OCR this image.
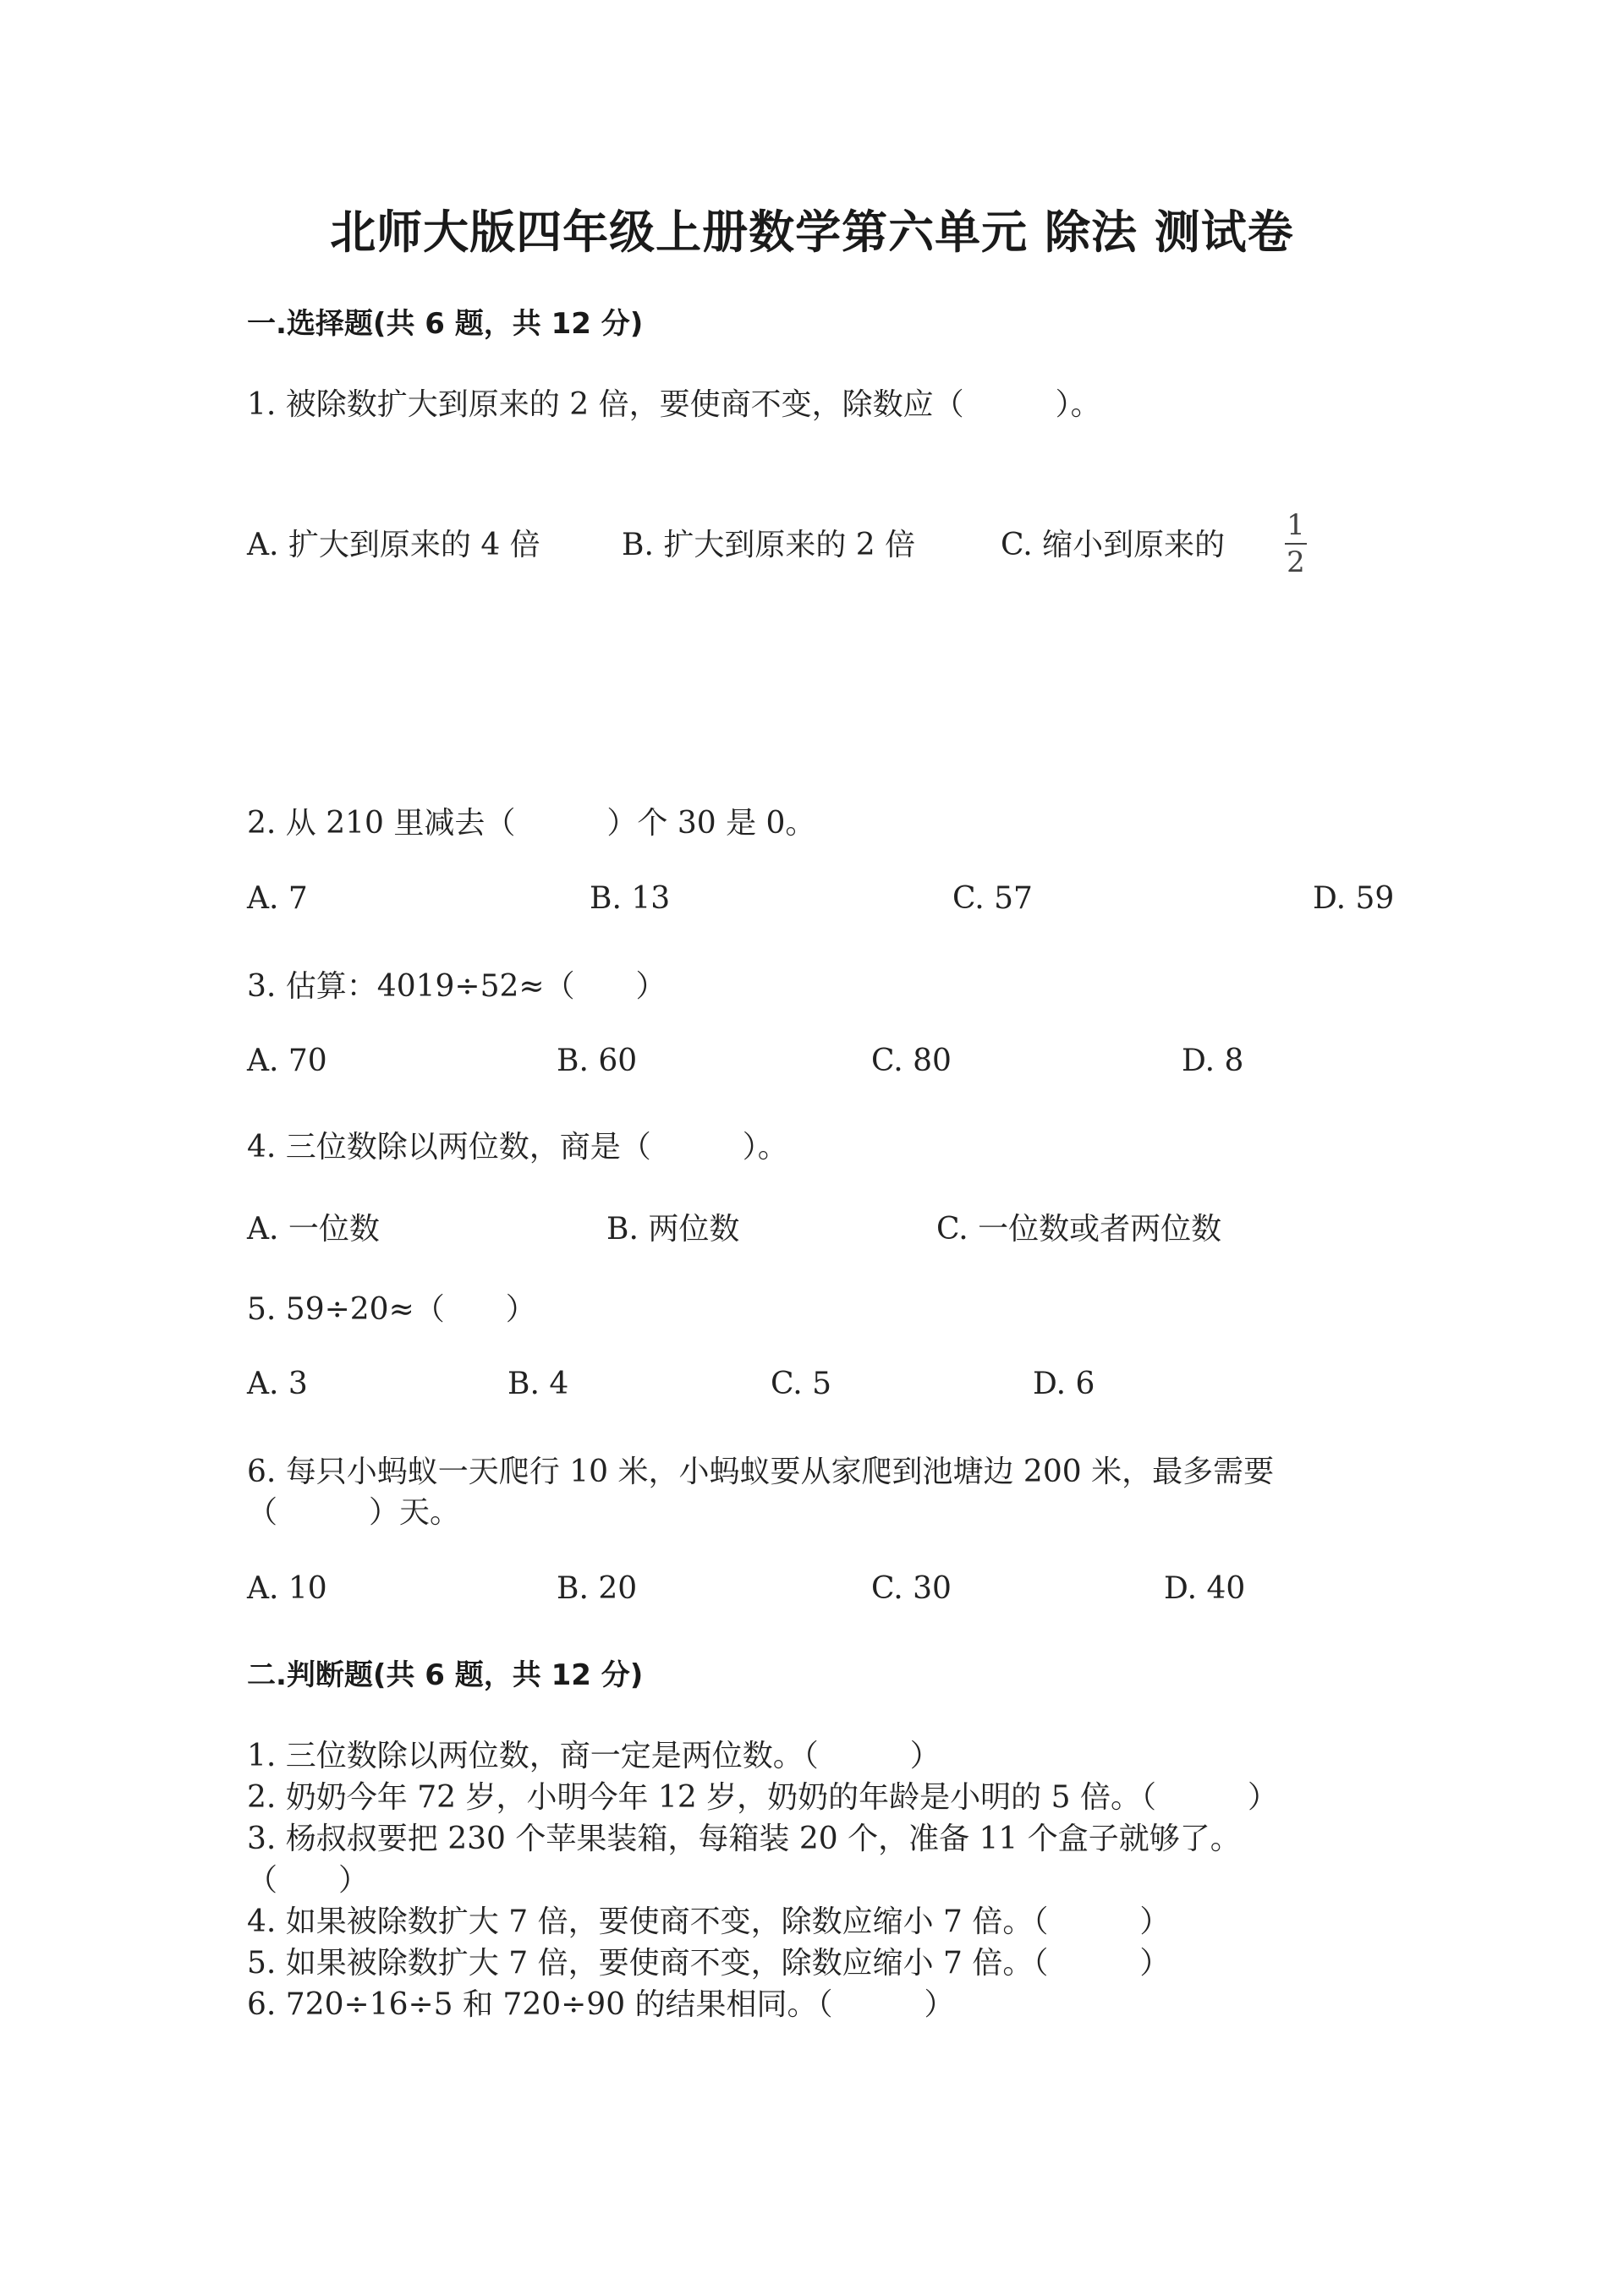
北师大版四年级上册数学第六单元 除法 测试卷
一.选择题(共 6 题，共 12 分)
1. 被除数扩大到原来的 2 倍，要使商不变，除数应（　　　）。
A. 扩大到原来的 4 倍	B. 扩大到原来的 2 倍	C. 缩小到原来的
1
2
2. 从 210 里减去（　　　）个 30 是 0。
A. 7	B. 13	C. 57	D. 59
3. 估算：4019÷52≈（　　）
A. 70	B. 60	C. 80	D. 8
4. 三位数除以两位数，商是（　　　）。
A. 一位数	B. 两位数	C. 一位数或者两位数
5. 59÷20≈（　　）
A. 3	B. 4	C. 5	D. 6
6. 每只小蚂蚁一天爬行 10 米，小蚂蚁要从家爬到池塘边 200 米，最多需要
（　　　）天。
A. 10	B. 20	C. 30	D. 40
二.判断题(共 6 题，共 12 分)
1. 三位数除以两位数，商一定是两位数。（　　　）
2. 奶奶今年 72 岁，小明今年 12 岁，奶奶的年龄是小明的 5 倍。（　　　）
3. 杨叔叔要把 230 个苹果装箱，每箱装 20 个，准备 11 个盒子就够了。
（　　）
4. 如果被除数扩大 7 倍，要使商不变，除数应缩小 7 倍。（　　　）
5. 如果被除数扩大 7 倍，要使商不变，除数应缩小 7 倍。（　　　）
6. 720÷16÷5 和 720÷90 的结果相同。（　　　）
